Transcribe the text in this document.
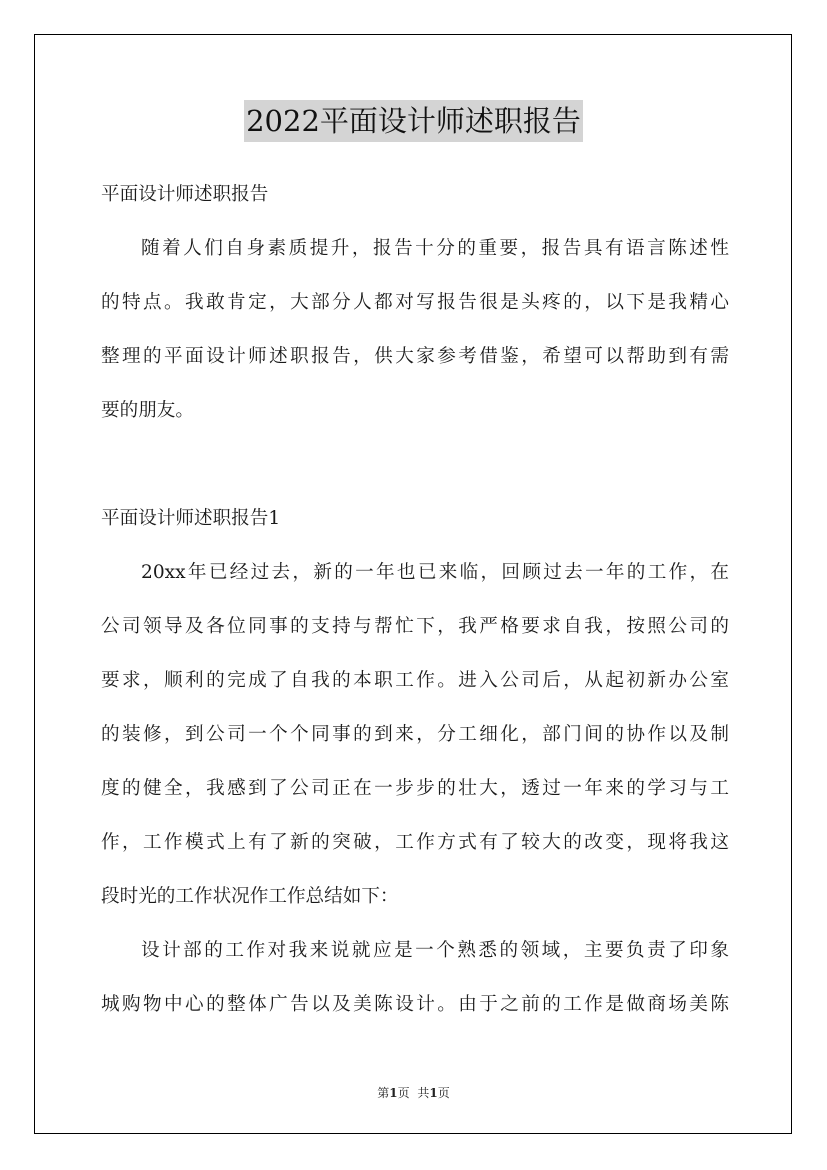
2022平面设计师述职报告
平面设计师述职报告
随着人们自身素质提升，报告十分的重要，报告具有语言陈述性
的特点。我敢肯定，大部分人都对写报告很是头疼的，以下是我精心
整理的平面设计师述职报告，供大家参考借鉴，希望可以帮助到有需
要的朋友。
平面设计师述职报告1
20xx年已经过去，新的一年也已来临，回顾过去一年的工作，在
公司领导及各位同事的支持与帮忙下，我严格要求自我，按照公司的
要求，顺利的完成了自我的本职工作。进入公司后，从起初新办公室
的装修，到公司一个个同事的到来，分工细化，部门间的协作以及制
度的健全，我感到了公司正在一步步的壮大，透过一年来的学习与工
作，工作模式上有了新的突破，工作方式有了较大的改变，现将我这
段时光的工作状况作工作总结如下：
设计部的工作对我来说就应是一个熟悉的领域，主要负责了印象
城购物中心的整体广告以及美陈设计。由于之前的工作是做商场美陈
第1页 共1页
